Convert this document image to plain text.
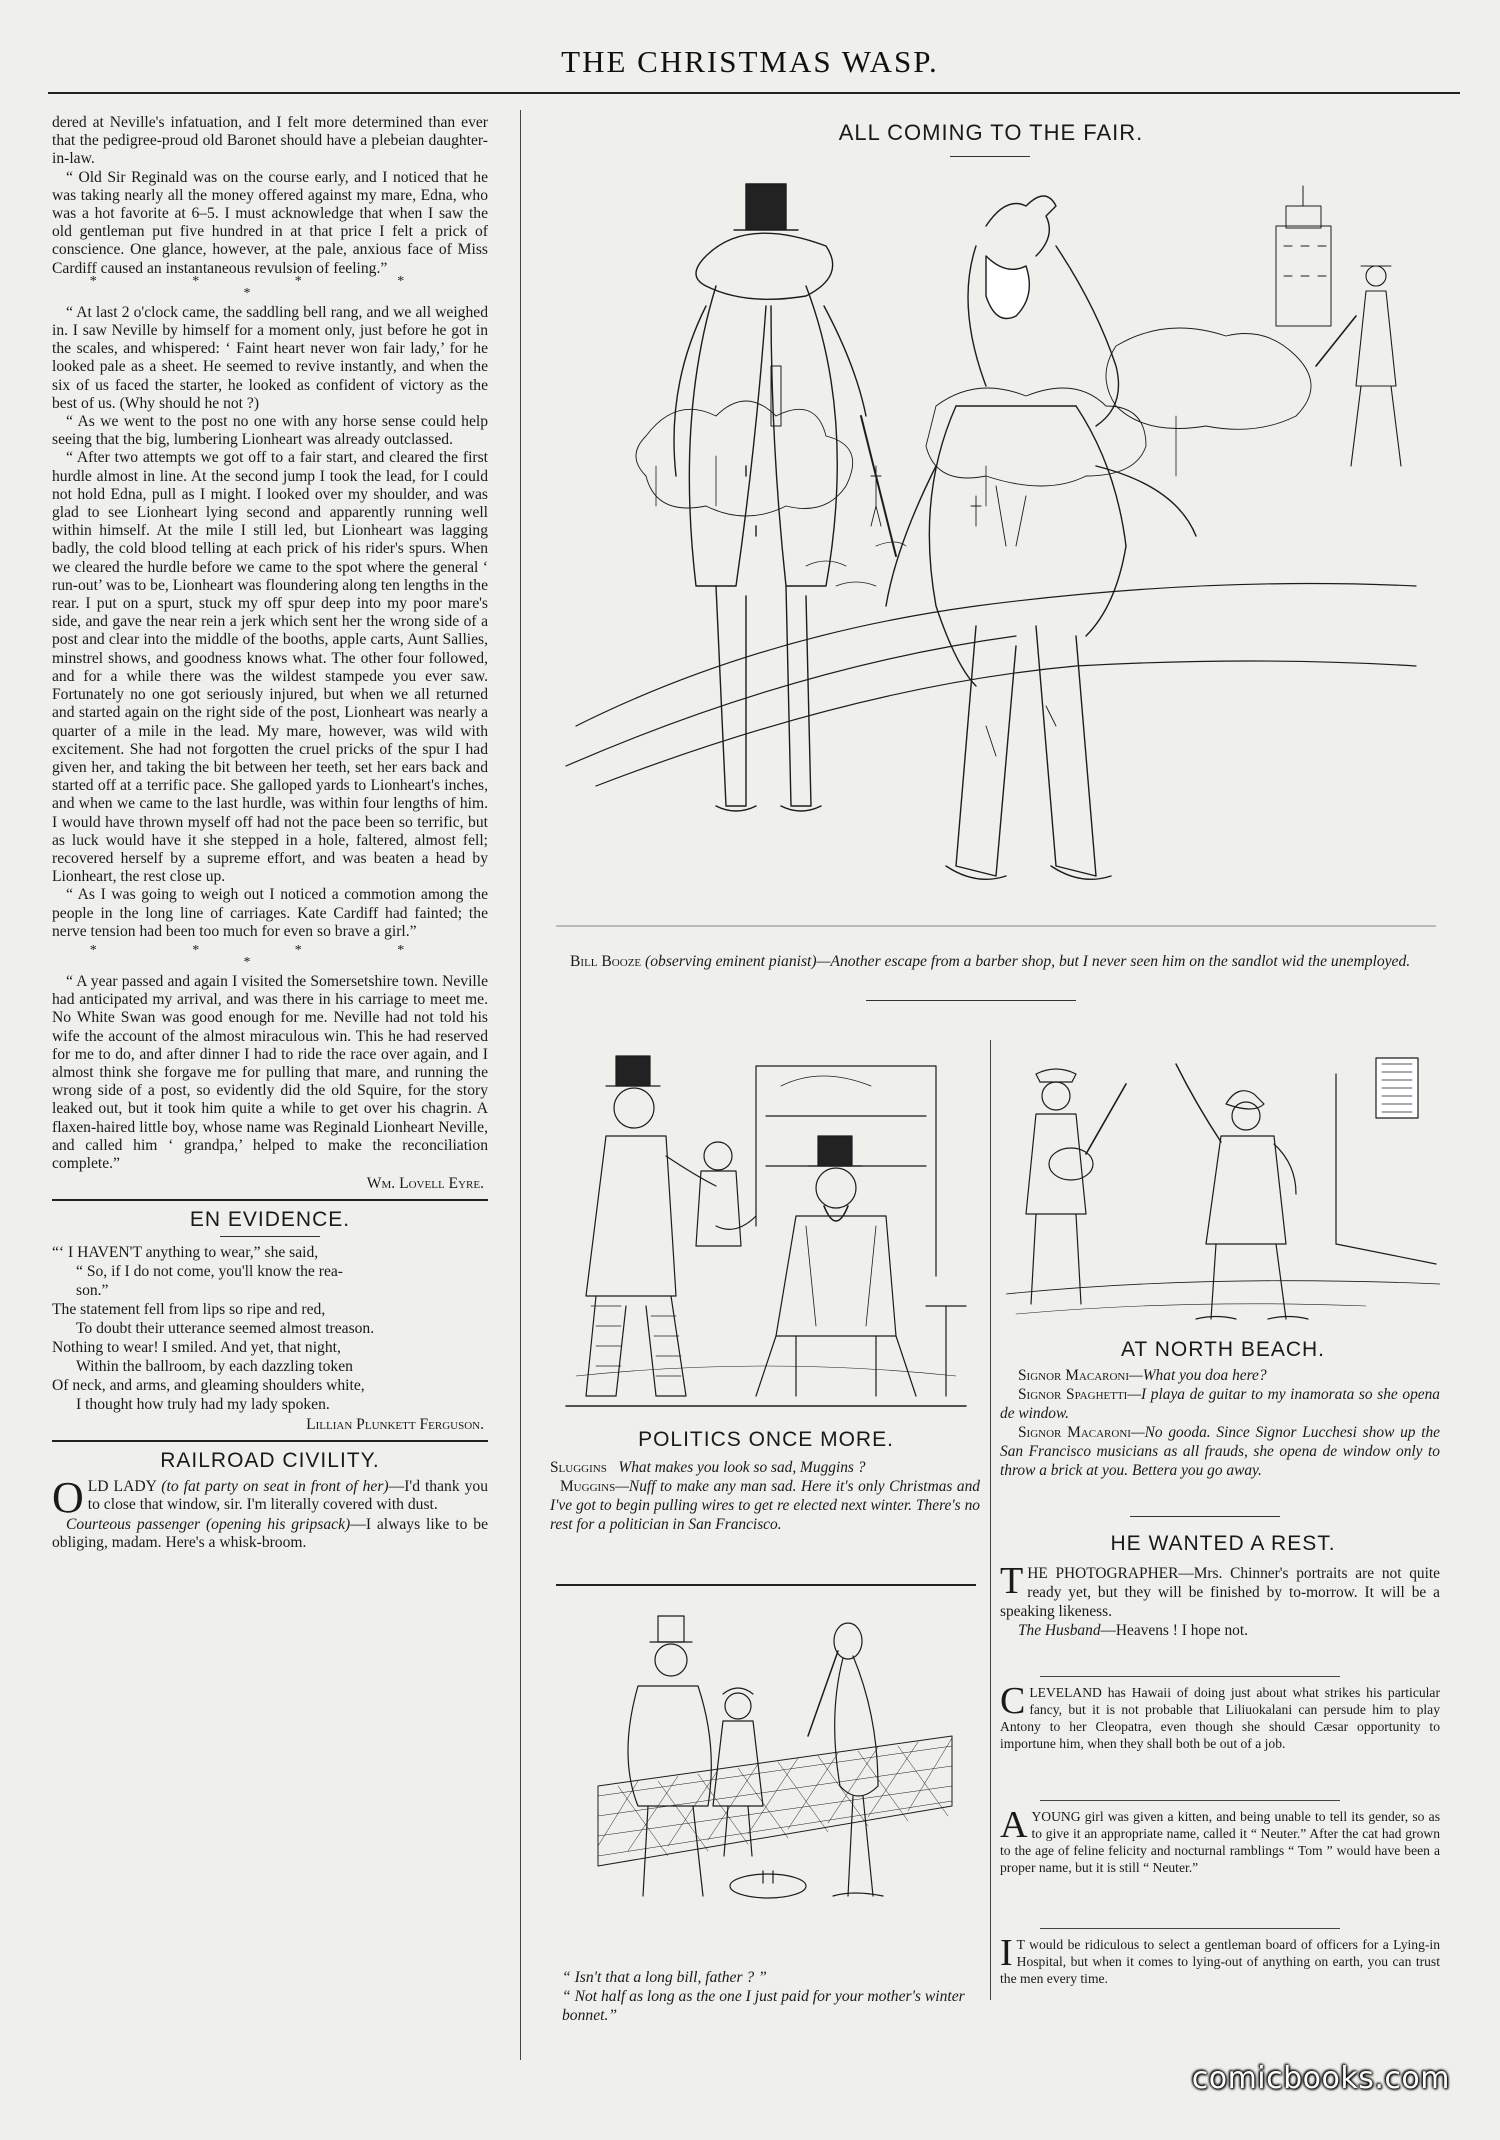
THE CHRISTMAS WASP.

dered at Neville's infatuation, and I felt more determined than ever that the pedigree-proud old Baronet should have a plebeian daughter-in-law.

“ Old Sir Reginald was on the course early, and I noticed that he was taking nearly all the money offered against my mare, Edna, who was a hot favorite at 6–5. I must acknowledge that when I saw the old gentleman put five hundred in at that price I felt a prick of conscience. One glance, however, at the pale, anxious face of Miss Cardiff caused an instantaneous revulsion of feeling.”

* * * * *

“ At last 2 o'clock came, the saddling bell rang, and we all weighed in. I saw Neville by himself for a moment only, just before he got in the scales, and whispered: ‘ Faint heart never won fair lady,’ for he looked pale as a sheet. He seemed to revive instantly, and when the six of us faced the starter, he looked as confident of victory as the best of us. (Why should he not ?)

“ As we went to the post no one with any horse sense could help seeing that the big, lumbering Lionheart was already outclassed.

“ After two attempts we got off to a fair start, and cleared the first hurdle almost in line. At the second jump I took the lead, for I could not hold Edna, pull as I might. I looked over my shoulder, and was glad to see Lionheart lying second and apparently running well within himself. At the mile I still led, but Lionheart was lagging badly, the cold blood telling at each prick of his rider's spurs. When we cleared the hurdle before we came to the spot where the general ‘ run-out’ was to be, Lionheart was floundering along ten lengths in the rear. I put on a spurt, stuck my off spur deep into my poor mare's side, and gave the near rein a jerk which sent her the wrong side of a post and clear into the middle of the booths, apple carts, Aunt Sallies, minstrel shows, and goodness knows what. The other four followed, and for a while there was the wildest stampede you ever saw. Fortunately no one got seriously injured, but when we all returned and started again on the right side of the post, Lionheart was nearly a quarter of a mile in the lead. My mare, however, was wild with excitement. She had not forgotten the cruel pricks of the spur I had given her, and taking the bit between her teeth, set her ears back and started off at a terrific pace. She galloped yards to Lionheart's inches, and when we came to the last hurdle, was within four lengths of him. I would have thrown myself off had not the pace been so terrific, but as luck would have it she stepped in a hole, faltered, almost fell; recovered herself by a supreme effort, and was beaten a head by Lionheart, the rest close up.

“ As I was going to weigh out I noticed a commotion among the people in the long line of carriages. Kate Cardiff had fainted; the nerve tension had been too much for even so brave a girl.”

* * * * *

“ A year passed and again I visited the Somersetshire town. Neville had anticipated my arrival, and was there in his carriage to meet me. No White Swan was good enough for me. Neville had not told his wife the account of the almost miraculous win. This he had reserved for me to do, and after dinner I had to ride the race over again, and I almost think she forgave me for pulling that mare, and running the wrong side of a post, so evidently did the old Squire, for the story leaked out, but it took him quite a while to get over his chagrin. A flaxen-haired little boy, whose name was Reginald Lionheart Neville, and called him ‘ grandpa,’ helped to make the reconciliation complete.”

Wm. Lovell Eyre.
EN EVIDENCE.
“‘ I HAVEN'T anything to wear,” she said,
“ So, if I do not come, you'll know the rea-
son.”
The statement fell from lips so ripe and red,
To doubt their utterance seemed almost treason.
Nothing to wear! I smiled. And yet, that night,
Within the ballroom, by each dazzling token
Of neck, and arms, and gleaming shoulders white,
I thought how truly had my lady spoken.
Lillian Plunkett Ferguson.
RAILROAD CIVILITY.

OLD LADY (to fat party on seat in front of her)—I'd thank you to close that window, sir. I'm literally covered with dust.

Courteous passenger (opening his gripsack)—I always like to be obliging, madam. Here's a whisk-broom.

ALL COMING TO THE FAIR.
Bill Booze (observing eminent pianist)—Another escape from a barber shop, but I never seen him on the sandlot wid the unemployed.
POLITICS ONCE MORE.

Sluggins What makes you look so sad, Muggins ?

Muggins—Nuff to make any man sad. Here it's only Christmas and I've got to begin pulling wires to get re elected next winter. There's no rest for a politician in San Francisco.

“ Isn't that a long bill, father ? ”
“ Not half as long as the one I just paid for your mother's winter bonnet.”
AT NORTH BEACH.

Signor Macaroni—What you doa here?

Signor Spaghetti—I playa de guitar to my inamorata so she opena de window.

Signor Macaroni—No gooda. Since Signor Lucchesi show up the San Francisco musicians as all frauds, she opena de window only to throw a brick at you. Bettera you go away.

HE WANTED A REST.

THE PHOTOGRAPHER—Mrs. Chinner's portraits are not quite ready yet, but they will be finished by to-morrow. It will be a speaking likeness.

The Husband—Heavens ! I hope not.

CLEVELAND has Hawaii of doing just about what strikes his particular fancy, but it is not probable that Liliuokalani can persude him to play Antony to her Cleopatra, even though she should Cæsar opportunity to importune him, when they shall both be out of a job.
A YOUNG girl was given a kitten, and being unable to tell its gender, so as to give it an appropriate name, called it “ Neuter.” After the cat had grown to the age of feline felicity and nocturnal ramblings “ Tom ” would have been a proper name, but it is still “ Neuter.”
I T would be ridiculous to select a gentleman board of officers for a Lying-in Hospital, but when it comes to lying-out of anything on earth, you can trust the men every time.
comicbooks.com
